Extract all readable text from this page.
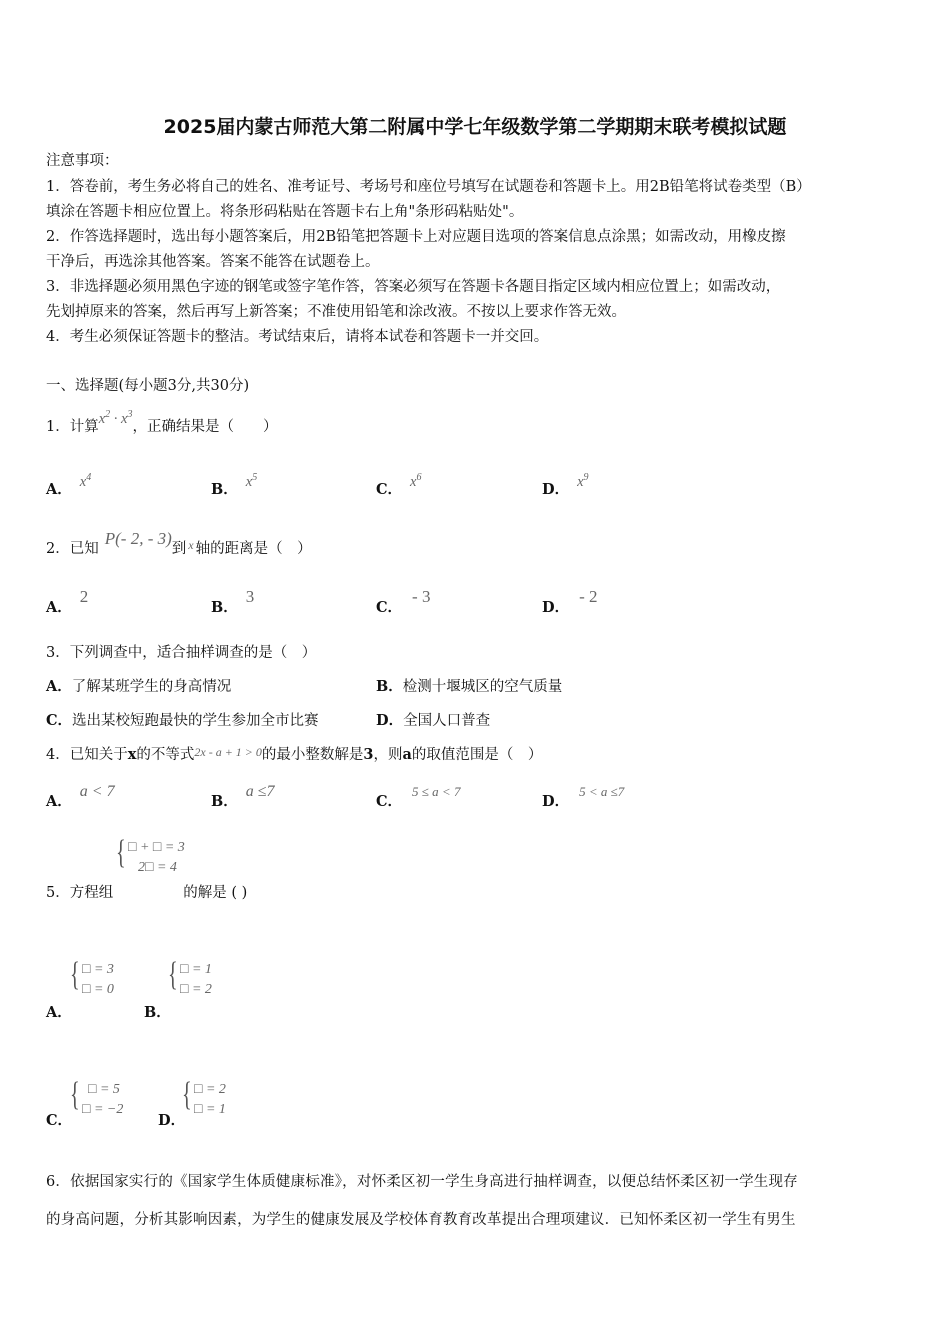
2025届内蒙古师范大第二附属中学七年级数学第二学期期末联考模拟试题
注意事项：
1．答卷前，考生务必将自己的姓名、准考证号、考场号和座位号填写在试题卷和答题卡上。用2B铅笔将试卷类型（B）
填涂在答题卡相应位置上。将条形码粘贴在答题卡右上角"条形码粘贴处"。
2．作答选择题时，选出每小题答案后，用2B铅笔把答题卡上对应题目选项的答案信息点涂黑；如需改动，用橡皮擦
干净后，再选涂其他答案。答案不能答在试题卷上。
3．非选择题必须用黑色字迹的钢笔或签字笔作答，答案必须写在答题卡各题目指定区域内相应位置上；如需改动，
先划掉原来的答案，然后再写上新答案；不准使用铅笔和涂改液。不按以上要求作答无效。
4．考生必须保证答题卡的整洁。考试结束后，请将本试卷和答题卡一并交回。
一、选择题(每小题3分,共30分)
1．计算$x^2 \cdot x^3$，正确结果是（　　）
A． $x^4$
B． $x^5$
C． $x^6$
D． $x^9$
2．已知P(- 2, - 3)到 $^x$ 轴的距离是（　）
A．2
B．3
C．- 3
D．- 2
3．下列调查中，适合抽样调查的是（　）
A．了解某班学生的身高情况	B．检测十堰城区的空气质量
C．选出某校短跑最快的学生参加全市比赛	D．全国人口普查
4．已知关于x的不等式$^{2x - a + 1 > 0}$的最小整数解是3，则a的取值范围是（　）
A．a < 7
B．a ≤7
C．5 ≤ a < 7
D．5 < a ≤7
{ □ + □ = 3
2□ = 4
5．方程组	的解是 ( )
{ □ = 3
□ = 0
A．
{ □ = 1
□ = 2
B．
{ □ = 5
□ = −2
C．
{ □ = 2
□ = 1
D．
6．依据国家实行的《国家学生体质健康标准》，对怀柔区初一学生身高进行抽样调查，以便总结怀柔区初一学生现存
的身高问题，分析其影响因素，为学生的健康发展及学校体育教育改革提出合理项建议．已知怀柔区初一学生有男生
